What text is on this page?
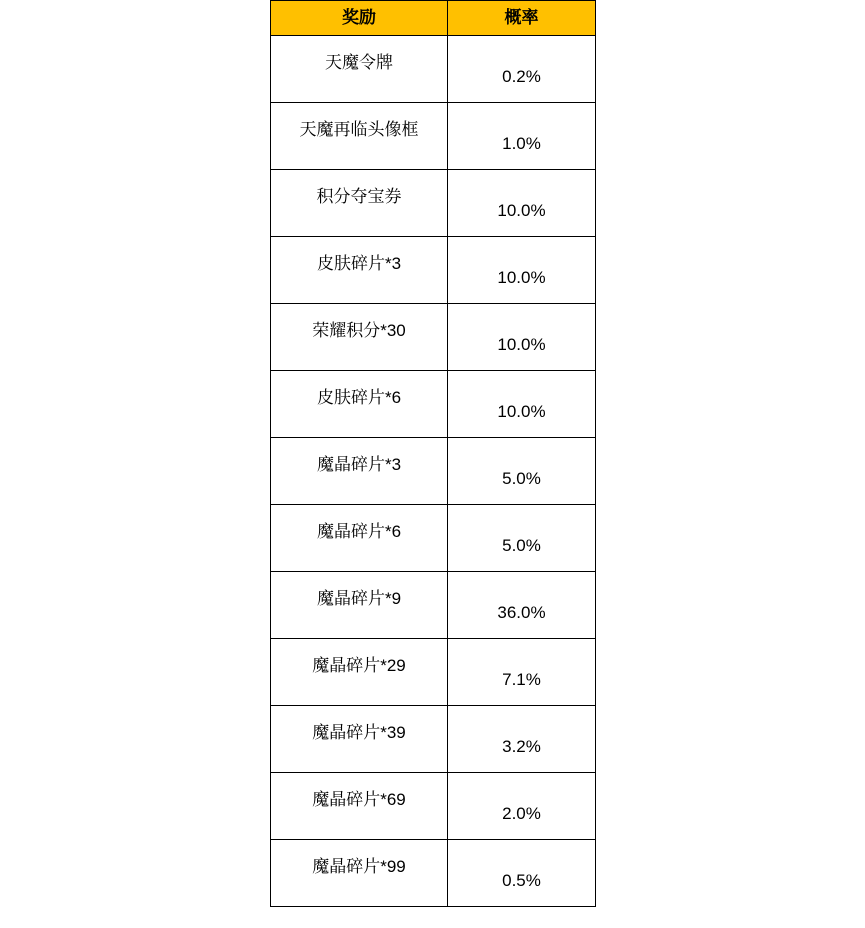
奖励	概率

天魔令牌	0.2%

天魔再临头像框	1.0%

积分夺宝券	10.0%

皮肤碎片*3	10.0%

荣耀积分*30	10.0%

皮肤碎片*6	10.0%

魔晶碎片*3	5.0%

魔晶碎片*6	5.0%

魔晶碎片*9	36.0%

魔晶碎片*29	7.1%

魔晶碎片*39	3.2%

魔晶碎片*69	2.0%

魔晶碎片*99	0.5%
